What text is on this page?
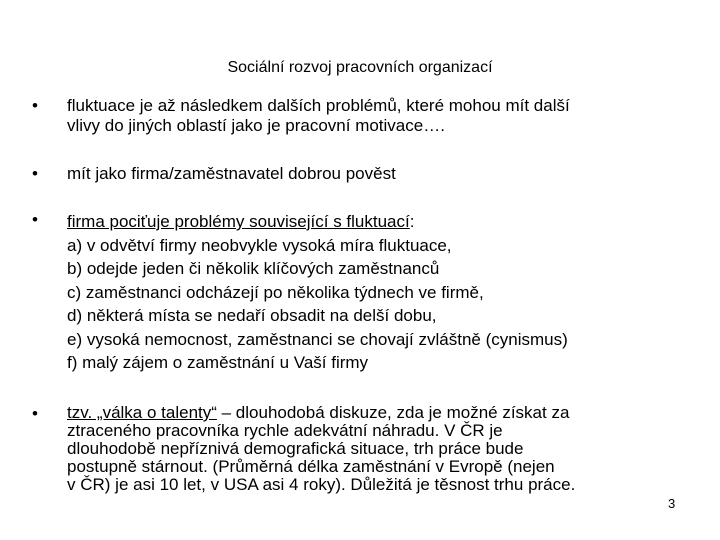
Sociální rozvoj pracovních organizací
• fluktuace je až následkem dalších problémů, které mohou mít další
vlivy do jiných oblastí jako je pracovní motivace….
• mít jako firma/zaměstnavatel dobrou pověst
• firma pociťuje problémy související s fluktuací:
a) v odvětví firmy neobvykle vysoká míra fluktuace,
b) odejde jeden či několik klíčových zaměstnanců
c) zaměstnanci odcházejí po několika týdnech ve firmě,
d) některá místa se nedaří obsadit na delší dobu,
e) vysoká nemocnost, zaměstnanci se chovají zvláštně (cynismus)
f) malý zájem o zaměstnání u Vaší firmy
• tzv. „válka o talenty“ – dlouhodobá diskuze, zda je možné získat za
ztraceného pracovníka rychle adekvátní náhradu. V ČR je
dlouhodobě nepříznivá demografická situace, trh práce bude
postupně stárnout. (Průměrná délka zaměstnání v Evropě (nejen
v ČR) je asi 10 let, v USA asi 4 roky). Důležitá je těsnost trhu práce.
3
